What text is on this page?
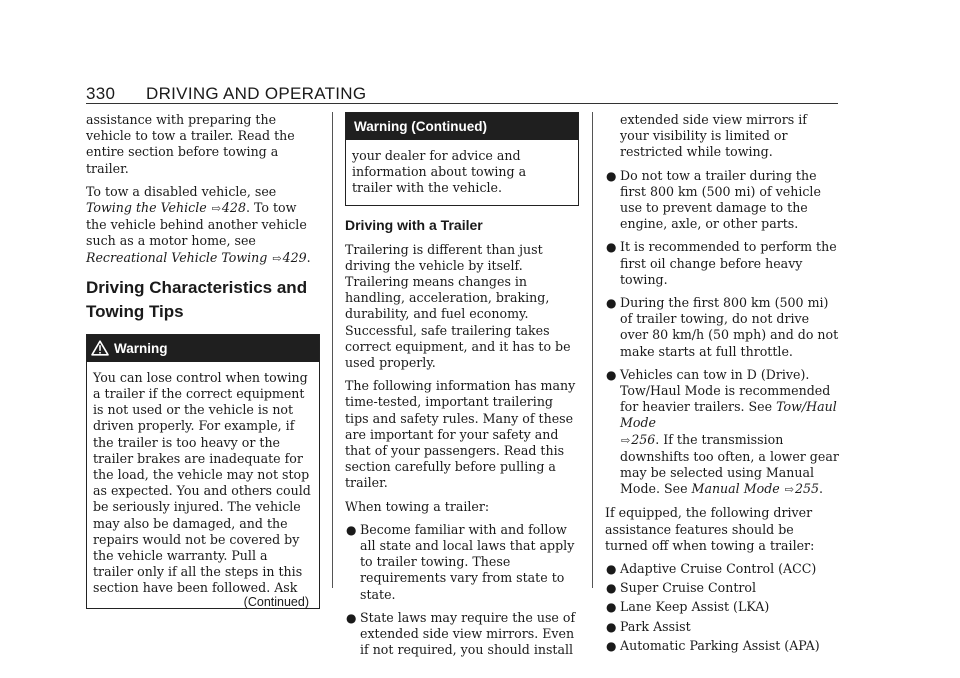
330 DRIVING AND OPERATING

assistance with preparing the vehicle to tow a trailer. Read the entire section before towing a trailer.

To tow a disabled vehicle, see Towing the Vehicle ⇨428. To tow the vehicle behind another vehicle such as a motor home, see Recreational Vehicle Towing ⇨429.

Driving Characteristics and Towing Tips
Warning

You can lose control when towing a trailer if the correct equipment is not used or the vehicle is not driven properly. For example, if the trailer is too heavy or the trailer brakes are inadequate for the load, the vehicle may not stop as expected. You and others could be seriously injured. The vehicle may also be damaged, and the repairs would not be covered by the vehicle warranty. Pull a trailer only if all the steps in this section have been followed. Ask

(Continued)
Warning (Continued)

your dealer for advice and information about towing a trailer with the vehicle.

Driving with a Trailer

Trailering is different than just driving the vehicle by itself. Trailering means changes in handling, acceleration, braking, durability, and fuel economy. Successful, safe trailering takes correct equipment, and it has to be used properly.

The following information has many time-tested, important trailering tips and safety rules. Many of these are important for your safety and that of your passengers. Read this section carefully before pulling a trailer.

When towing a trailer:

● Become familiar with and follow all state and local laws that apply to trailer towing. These requirements vary from state to state.
● State laws may require the use of extended side view mirrors. Even if not required, you should install

extended side view mirrors if your visibility is limited or restricted while towing.

● Do not tow a trailer during the first 800 km (500 mi) of vehicle use to prevent damage to the engine, axle, or other parts.
● It is recommended to perform the first oil change before heavy towing.
● During the first 800 km (500 mi) of trailer towing, do not drive over 80 km/h (50 mph) and do not make starts at full throttle.
● Vehicles can tow in D (Drive). Tow/Haul Mode is recommended for heavier trailers. See Tow/Haul Mode
⇨256. If the transmission downshifts too often, a lower gear may be selected using Manual Mode. See Manual Mode ⇨255.

If equipped, the following driver assistance features should be turned off when towing a trailer:

● Adaptive Cruise Control (ACC)
● Super Cruise Control
● Lane Keep Assist (LKA)
● Park Assist
● Automatic Parking Assist (APA)
